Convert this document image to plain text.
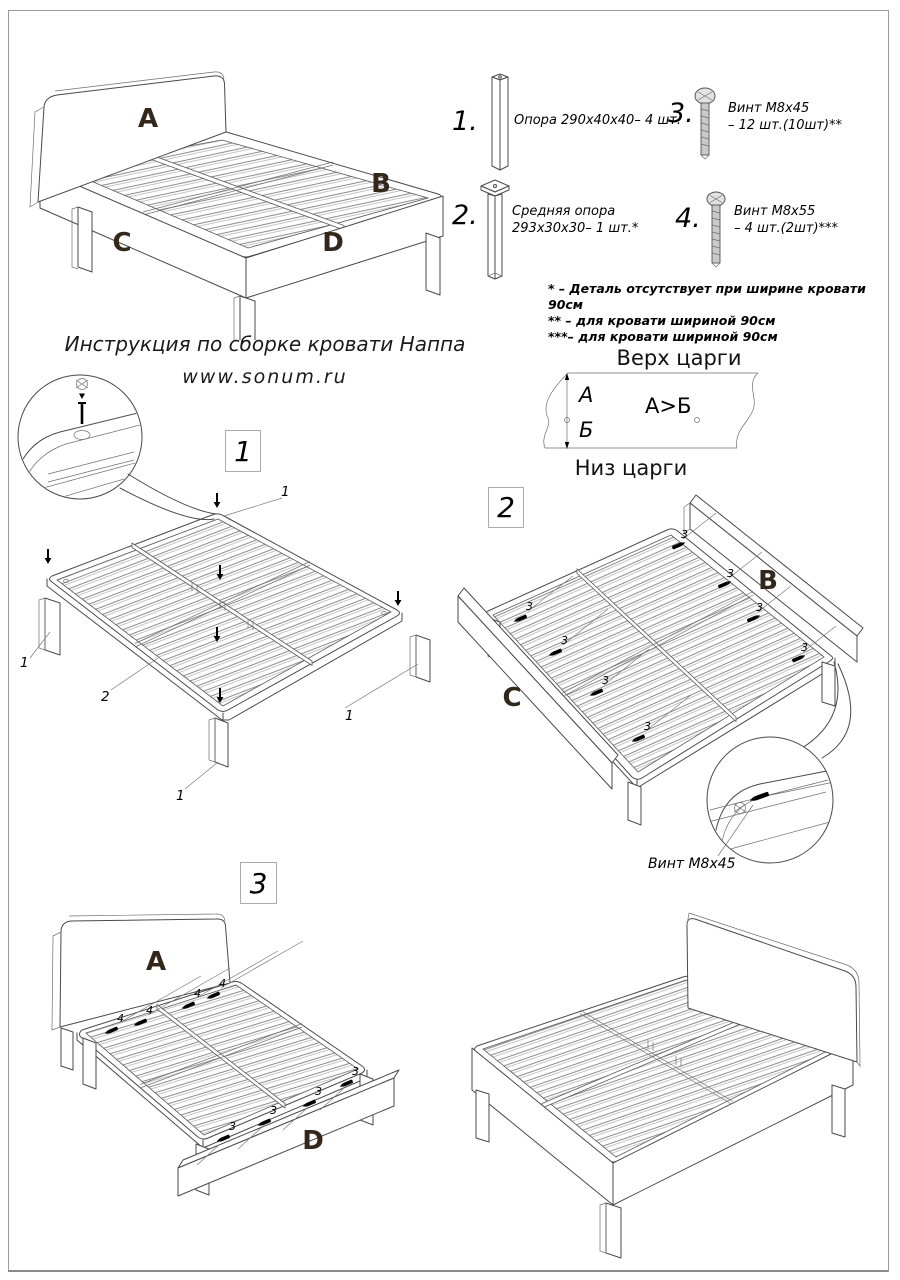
A
B
C	D
1.	Опора 290x40x40– 4 шт.
2.	Средняя опора
293x30x30– 1 шт.*
3.	Винт М8х45
– 12 шт.(10шт)**
4.	Винт М8х55
– 4 шт.(2шт)***
* – Деталь отсутствует при ширине кровати 90см
** – для кровати шириной 90см
***– для кровати шириной 90см
Инструкция по сборке кровати Наппа
www.sonum.ru
Верх царги
А
Б
А>Б
Низ царги
1
2
3
1
1
1
1
2
3
3
3
3
3
3
3
3
B
C
Винт М8х45
4
4
4
4
3
3
3
3
A
D
